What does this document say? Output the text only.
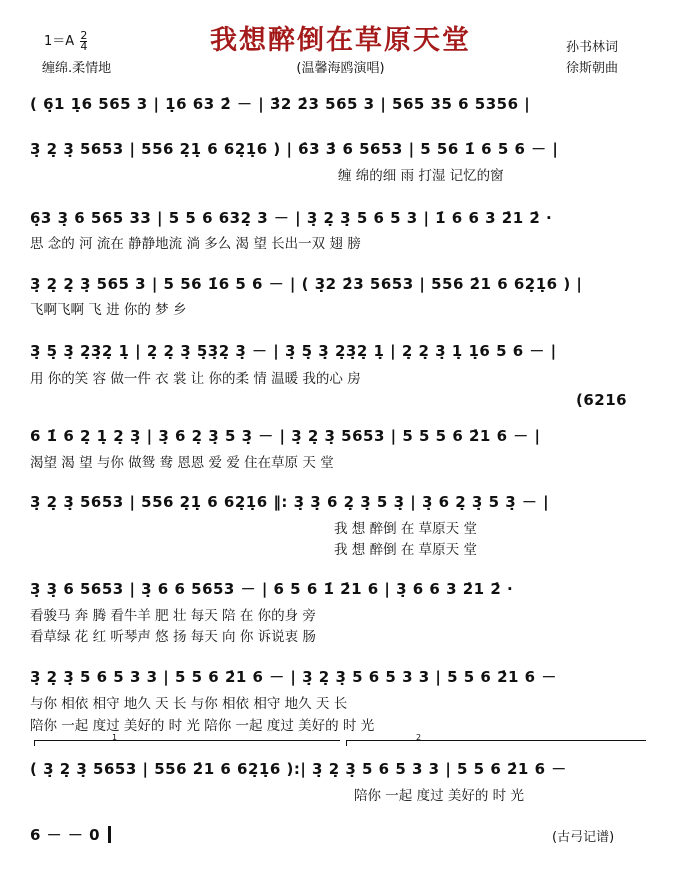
$1=A \frac{2}{4}$
缠绵.柔情地
我想醉倒在草原天堂
(温馨海鸥演唱)
孙书林词
徐斯朝曲
( 6̣1 1̣6 565 3 | 1̣6 63 2̇ － | 3̇2 2̇3 565 3 | 565 35 6 5356 |
3̣ 2̣ 3̣ 5653 | 556 2̣1̣ 6 62̣1̣6 ) | 6̇3 3̇ 6 5653 | 5 56 1̇ 6 5 6 － |
缠 绵的细 雨 打湿 记忆的窗
6̣3 3̣ 6 565 33 | 5 5 6 632̣ 3 － | 3̣ 2̣ 3̣ 5 6 5 3 | 1̇ 6 6 3 2̇1 2̇ ·
思 念的 河 流在 静静地流 淌 多么 渴 望 长出一双 翅 膀
3̣ 2̣ 2̣ 3̣ 565 3 | 5 56 1̇6 5 6 － | ( 3̣2 2̇3 5653 | 556 2̇1 6 62̣1̣6 ) |
飞啊飞啊 飞 进 你的 梦 乡
3̣ 5̣ 3̣ 2̣3̣2̣ 1̣ | 2̣ 2̣ 3̣ 5̣3̣2̣ 3̣ － | 3̣ 5̣ 3̣ 2̣3̣2̣ 1̣ | 2̣ 2̣ 3̣ 1̣ 1̣6 5 6 － |
用 你的笑 容 做一件 衣 裳 让 你的柔 情 温暖 我的心 房
(6216
6 1̇ 6 2̣ 1̣ 2̣ 3̣ | 3̣ 6 2̣ 3̣ 5 3̣ － | 3̣ 2̣ 3̣ 5653 | 5 5 5 6 2̇1 6 － |
渴望 渴 望 与你 做鸳 鸯 恩恩 爱 爱 住在草原 天 堂
3̣ 2̣ 3̣ 5653 | 556 2̣1̣ 6 62̣1̣6 ‖: 3̣ 3̣ 6 2̣ 3̣ 5 3̣ | 3̣ 6 2̣ 3̣ 5 3̣ － |
我 想 醉倒 在 草原天 堂
我 想 醉倒 在 草原天 堂
3̣ 3̣ 6 5653 | 3̣ 6 6 5653 － | 6 5 6 1̇ 2̇1 6 | 3̣ 6 6 3 2̇1 2̇ ·
看骏马 奔 腾 看牛羊 肥 壮 每天 陪 在 你的身 旁
看草绿 花 红 听琴声 悠 扬 每天 向 你 诉说衷 肠
3̣ 2̣ 3̣ 5 6 5 3 3 | 5 5 6 2̇1 6 － | 3̣ 2̣ 3̣ 5 6 5 3 3 | 5 5 6 2̇1 6 －
与你 相依 相守 地久 天 长 与你 相依 相守 地久 天 长
陪你 一起 度过 美好的 时 光 陪你 一起 度过 美好的 时 光
1	2
( 3̣ 2̣ 3̣ 5653 | 556 2̇1 6 62̣1̣6 ):| 3̣ 2̣ 3̣ 5 6 5 3 3 | 5 5 6 2̇1 6 －
陪你 一起 度过 美好的 时 光
6 － － 0	(古弓记谱)
